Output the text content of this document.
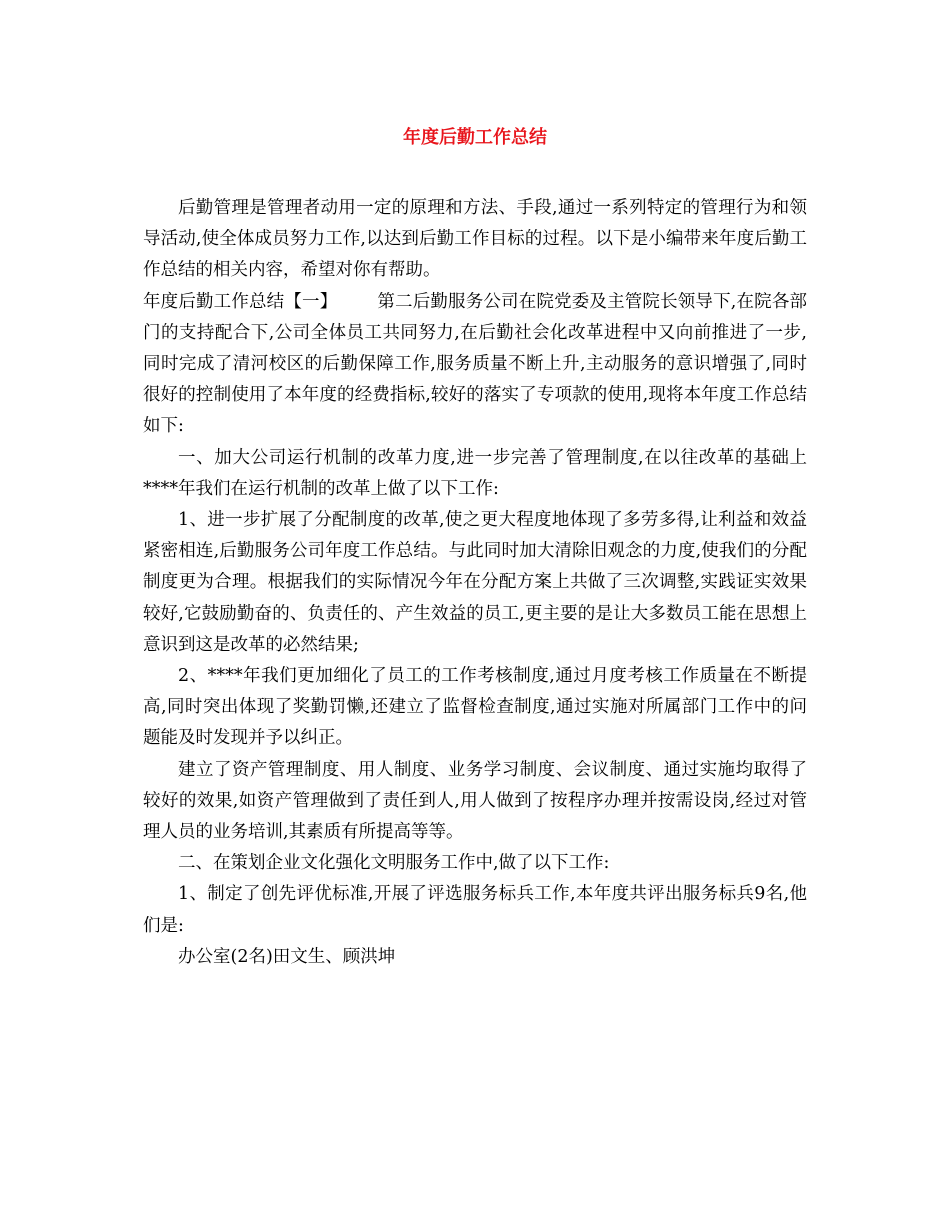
年度后勤工作总结

后勤管理是管理者动用一定的原理和方法、手段,通过一系列特定的管理行为和领导活动,使全体成员努力工作,以达到后勤工作目标的过程。以下是小编带来年度后勤工作总结的相关内容，希望对你有帮助。

年度后勤工作总结【一】 第二后勤服务公司在院党委及主管院长领导下,在院各部门的支持配合下,公司全体员工共同努力,在后勤社会化改革进程中又向前推进了一步,同时完成了清河校区的后勤保障工作,服务质量不断上升,主动服务的意识增强了,同时很好的控制使用了本年度的经费指标,较好的落实了专项款的使用,现将本年度工作总结如下:

一、加大公司运行机制的改革力度,进一步完善了管理制度,在以往改革的基础上****年我们在运行机制的改革上做了以下工作:

1、进一步扩展了分配制度的改革,使之更大程度地体现了多劳多得,让利益和效益紧密相连,后勤服务公司年度工作总结。与此同时加大清除旧观念的力度,使我们的分配制度更为合理。根据我们的实际情况今年在分配方案上共做了三次调整,实践证实效果较好,它鼓励勤奋的、负责任的、产生效益的员工,更主要的是让大多数员工能在思想上意识到这是改革的必然结果;

2、****年我们更加细化了员工的工作考核制度,通过月度考核工作质量在不断提高,同时突出体现了奖勤罚懒,还建立了监督检查制度,通过实施对所属部门工作中的问题能及时发现并予以纠正。

建立了资产管理制度、用人制度、业务学习制度、会议制度、通过实施均取得了较好的效果,如资产管理做到了责任到人,用人做到了按程序办理并按需设岗,经过对管理人员的业务培训,其素质有所提高等等。

二、在策划企业文化强化文明服务工作中,做了以下工作:

1、制定了创先评优标准,开展了评选服务标兵工作,本年度共评出服务标兵9名,他们是:

办公室(2名)田文生、顾洪坤
